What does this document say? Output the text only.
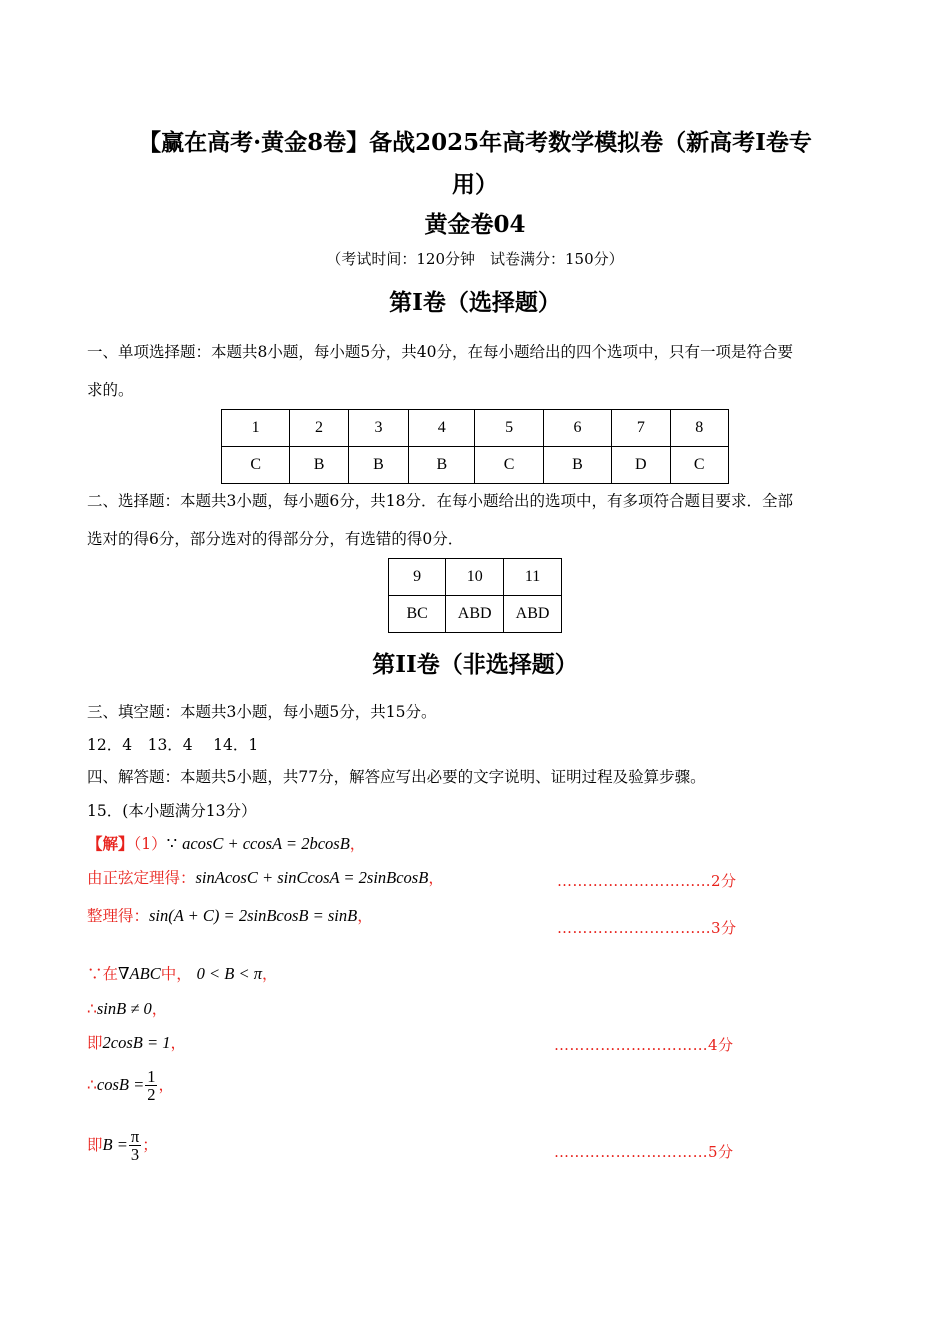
【赢在高考·黄金8卷】备战2025年高考数学模拟卷（新高考Ⅰ卷专
用）
黄金卷04
（考试时间：120分钟　试卷满分：150分）
第I卷（选择题）
一、单项选择题：本题共8小题，每小题5分，共40分，在每小题给出的四个选项中，只有一项是符合要
求的。
1	2	3	4	5	6	7	8
C	B	B	B	C	B	D	C
二、选择题：本题共3小题，每小题6分，共18分．在每小题给出的选项中，有多项符合题目要求．全部
选对的得6分，部分选对的得部分分，有选错的得0分．
9	10	11
BC	ABD	ABD
第II卷（非选择题）
三、填空题：本题共3小题，每小题5分，共15分。
12．4　13．4　 14．1
四、解答题：本题共5小题，共77分，解答应写出必要的文字说明、证明过程及验算步骤。
15．(本小题满分13分）
【解】（1）∵ acosC + ccosA = 2bcosB，
由正弦定理得：sinAcosC + sinCcosA = 2sinBcosB，	…………………………2分
整理得：sin(A + C) = 2sinBcosB = sinB，
…………………………3分
∵在∇ABC中， 0 < B < π，
∴sinB ≠ 0，
即2cosB = 1，	…………………………4分
∴cosB = $\frac{1}{2}$ ，
即$B = \frac{\pi}{3}$ ；	…………………………5分
